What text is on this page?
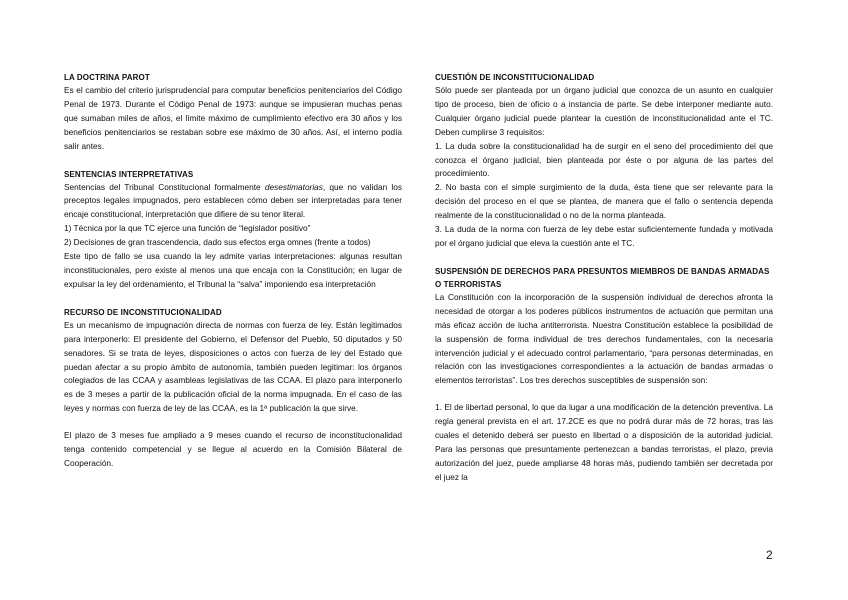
LA DOCTRINA PAROT

Es el cambio del criterio jurisprudencial para computar beneficios penitenciarios del Código Penal de 1973. Durante el Código Penal de 1973: aunque se impusieran muchas penas que sumaban miles de años, el límite máximo de cumplimiento efectivo era 30 años y los beneficios penitenciarios se restaban sobre ese máximo de 30 años. Así, el interno podía salir antes.

SENTENCIAS INTERPRETATIVAS

Sentencias del Tribunal Constitucional formalmente desestimatorias, que no validan los preceptos legales impugnados, pero establecen cómo deben ser interpretadas para tener encaje constitucional, interpretación que difiere de su tenor literal.

1) Técnica por la que TC ejerce una función de “legislador positivo”

2) Decisiones de gran trascendencia, dado sus efectos erga omnes (frente a todos)

Este tipo de fallo se usa cuando la ley admite varias interpretaciones: algunas resultan inconstitucionales, pero existe al menos una que encaja con la Constitución; en lugar de expulsar la ley del ordenamiento, el Tribunal la “salva” imponiendo esa interpretación

RECURSO DE INCONSTITUCIONALIDAD

Es un mecanismo de impugnación directa de normas con fuerza de ley. Están legitimados para interponerlo: El presidente del Gobierno, el Defensor del Pueblo, 50 diputados y 50 senadores. Si se trata de leyes, disposiciones o actos con fuerza de ley del Estado que puedan afectar a su propio ámbito de autonomía, también pueden legitimar: los órganos colegiados de las CCAA y asambleas legislativas de las CCAA. El plazo para interponerlo es de 3 meses a partir de la publicación oficial de la norma impugnada. En el caso de las leyes y normas con fuerza de ley de las CCAA, es la 1ª publicación la que sirve.

El plazo de 3 meses fue ampliado a 9 meses cuando el recurso de inconstitucionalidad tenga contenido competencial y se llegue al acuerdo en la Comisión Bilateral de Cooperación.

CUESTIÓN DE INCONSTITUCIONALIDAD

Sólo puede ser planteada por un órgano judicial que conozca de un asunto en cualquier tipo de proceso, bien de oficio o a instancia de parte. Se debe interponer mediante auto. Cualquier órgano judicial puede plantear la cuestión de inconstitucionalidad ante el TC. Deben cumplirse 3 requisitos:

1. La duda sobre la constitucionalidad ha de surgir en el seno del procedimiento del que conozca el órgano judicial, bien planteada por éste o por alguna de las partes del procedimiento.

2. No basta con el simple surgimiento de la duda, ésta tiene que ser relevante para la decisión del proceso en el que se plantea, de manera que el fallo o sentencia dependa realmente de la constitucionalidad o no de la norma planteada.

3. La duda de la norma con fuerza de ley debe estar suficientemente fundada y motivada por el órgano judicial que eleva la cuestión ante el TC.

SUSPENSIÓN DE DERECHOS PARA PRESUNTOS MIEMBROS DE BANDAS ARMADAS O TERRORISTAS

La Constitución con la incorporación de la suspensión individual de derechos afronta la necesidad de otorgar a los poderes públicos instrumentos de actuación que permitan una más eficaz acción de lucha antiterrorista. Nuestra Constitución establece la posibilidad de la suspensión de forma individual de tres derechos fundamentales, con la necesaria intervención judicial y el adecuado control parlamentario, “para personas determinadas, en relación con las investigaciones correspondientes a la actuación de bandas armadas o elementos terroristas”. Los tres derechos susceptibles de suspensión son:

1. El de libertad personal, lo que da lugar a una modificación de la detención preventiva. La regla general prevista en el art. 17.2CE es que no podrá durar más de 72 horas, tras las cuales el detenido deberá ser puesto en libertad o a disposición de la autoridad judicial. Para las personas que presuntamente pertenezcan a bandas terroristas, el plazo, previa autorización del juez, puede ampliarse 48 horas más, pudiendo también ser decretada por el juez la

2
